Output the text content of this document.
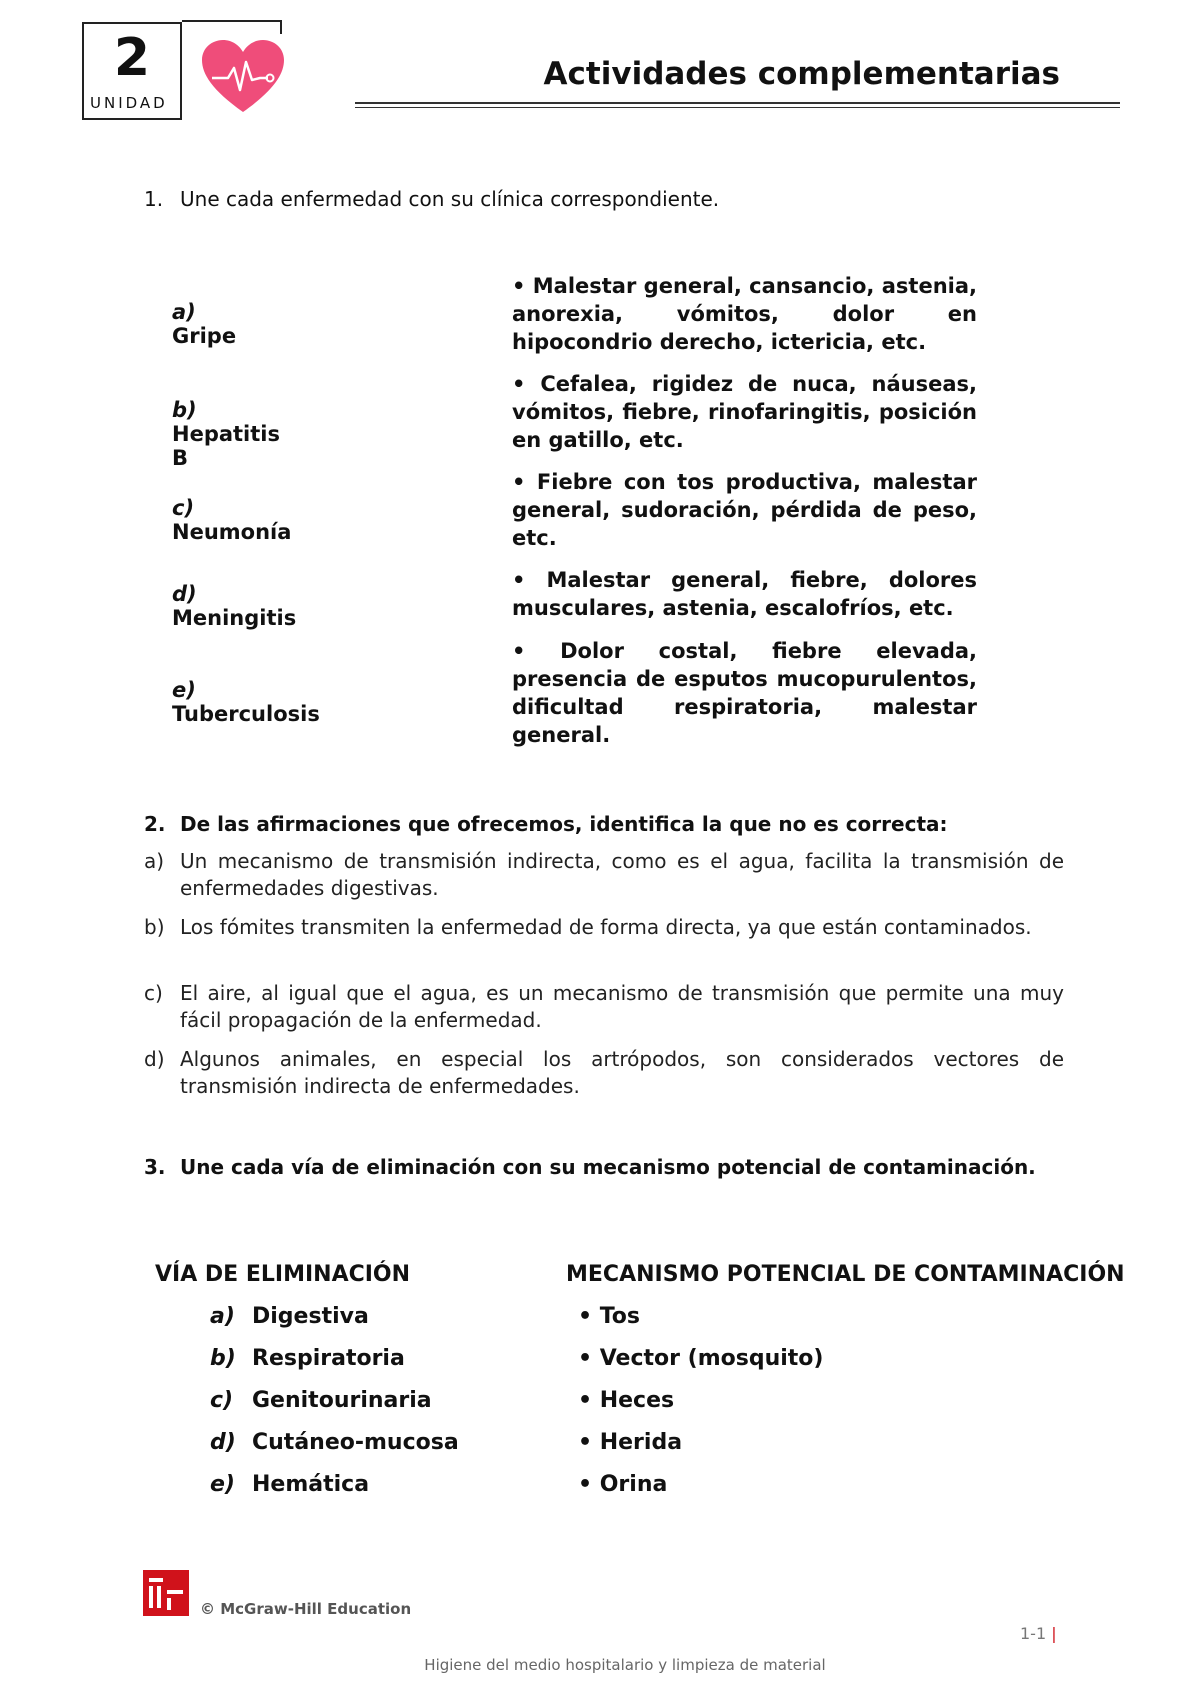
2
UNIDAD
Actividades complementarias
1. Une cada enfermedad con su clínica correspondiente.
a)Gripe
b)Hepatitis B
c)Neumonía
d)Meningitis
e)Tuberculosis
• Malestar general, cansancio, astenia, anorexia, vómitos, dolor en hipocondrio derecho, ictericia, etc.
• Cefalea, rigidez de nuca, náuseas, vómitos, fiebre, rinofaringitis, posición en gatillo, etc.
• Fiebre con tos productiva, malestar general, sudoración, pérdida de peso, etc.
• Malestar general, fiebre, dolores musculares, astenia, escalofríos, etc.
• Dolor costal, fiebre elevada, presencia de esputos mucopurulentos, dificultad respiratoria, malestar general.
2. De las afirmaciones que ofrecemos, identifica la que no es correcta:
a) Un mecanismo de transmisión indirecta, como es el agua, facilita la transmisión de enfermedades digestivas.
b) Los fómites transmiten la enfermedad de forma directa, ya que están contaminados.
c) El aire, al igual que el agua, es un mecanismo de transmisión que permite una muy fácil propagación de la enfermedad.
d) Algunos animales, en especial los artrópodos, son considerados vectores de transmisión indirecta de enfermedades.
3. Une cada vía de eliminación con su mecanismo potencial de contaminación.
VÍA DE ELIMINACIÓN	MECANISMO POTENCIAL DE CONTAMINACIÓN
a) Digestiva
b) Respiratoria
c) Genitourinaria
d) Cutáneo-mucosa
e) Hemática
• Tos
• Vector (mosquito)
• Heces
• Herida
• Orina
© McGraw-Hill Education
1-1 |
Higiene del medio hospitalario y limpieza de material
